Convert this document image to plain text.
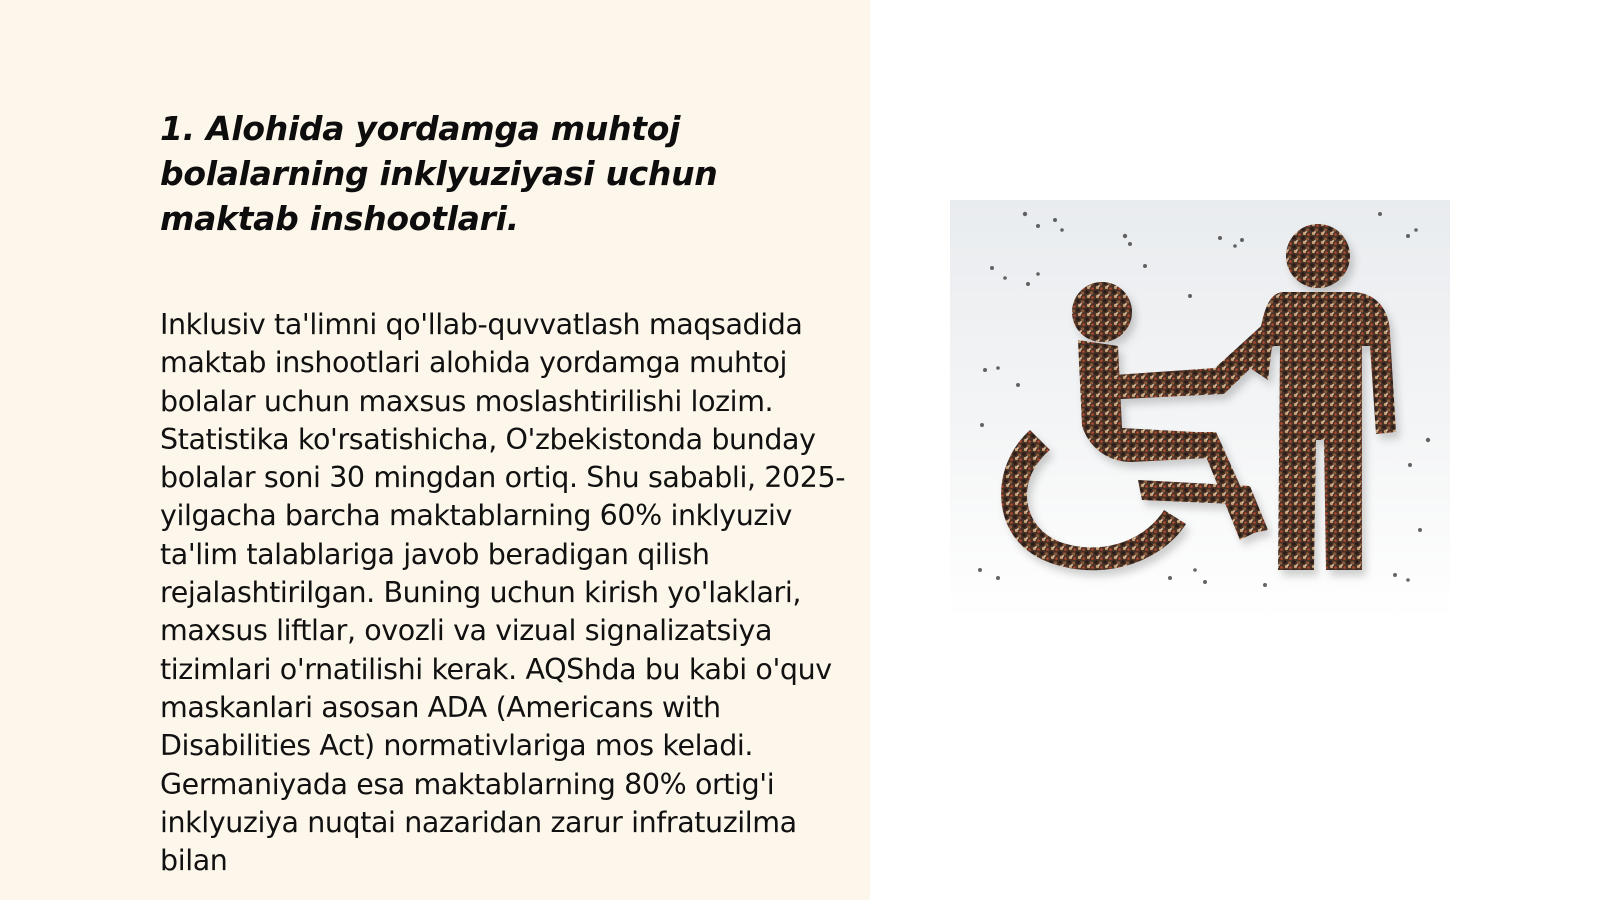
1. Alohida yordamga muhtoj bolalarning inklyuziyasi uchun maktab inshootlari.

Inklusiv ta'limni qo'llab-quvvatlash maqsadida maktab inshootlari alohida yordamga muhtoj bolalar uchun maxsus moslashtirilishi lozim. Statistika ko'rsatishicha, O'zbekistonda bunday bolalar soni 30 mingdan ortiq. Shu sababli, 2025-yilgacha barcha maktablarning 60% inklyuziv ta'lim talablariga javob beradigan qilish rejalashtirilgan. Buning uchun kirish yo'laklari, maxsus liftlar, ovozli va vizual signalizatsiya tizimlari o'rnatilishi kerak. AQShda bu kabi o'quv maskanlari asosan ADA (Americans with Disabilities Act) normativlariga mos keladi. Germaniyada esa maktablarning 80% ortig'i inklyuziya nuqtai nazaridan zarur infratuzilma bilan
